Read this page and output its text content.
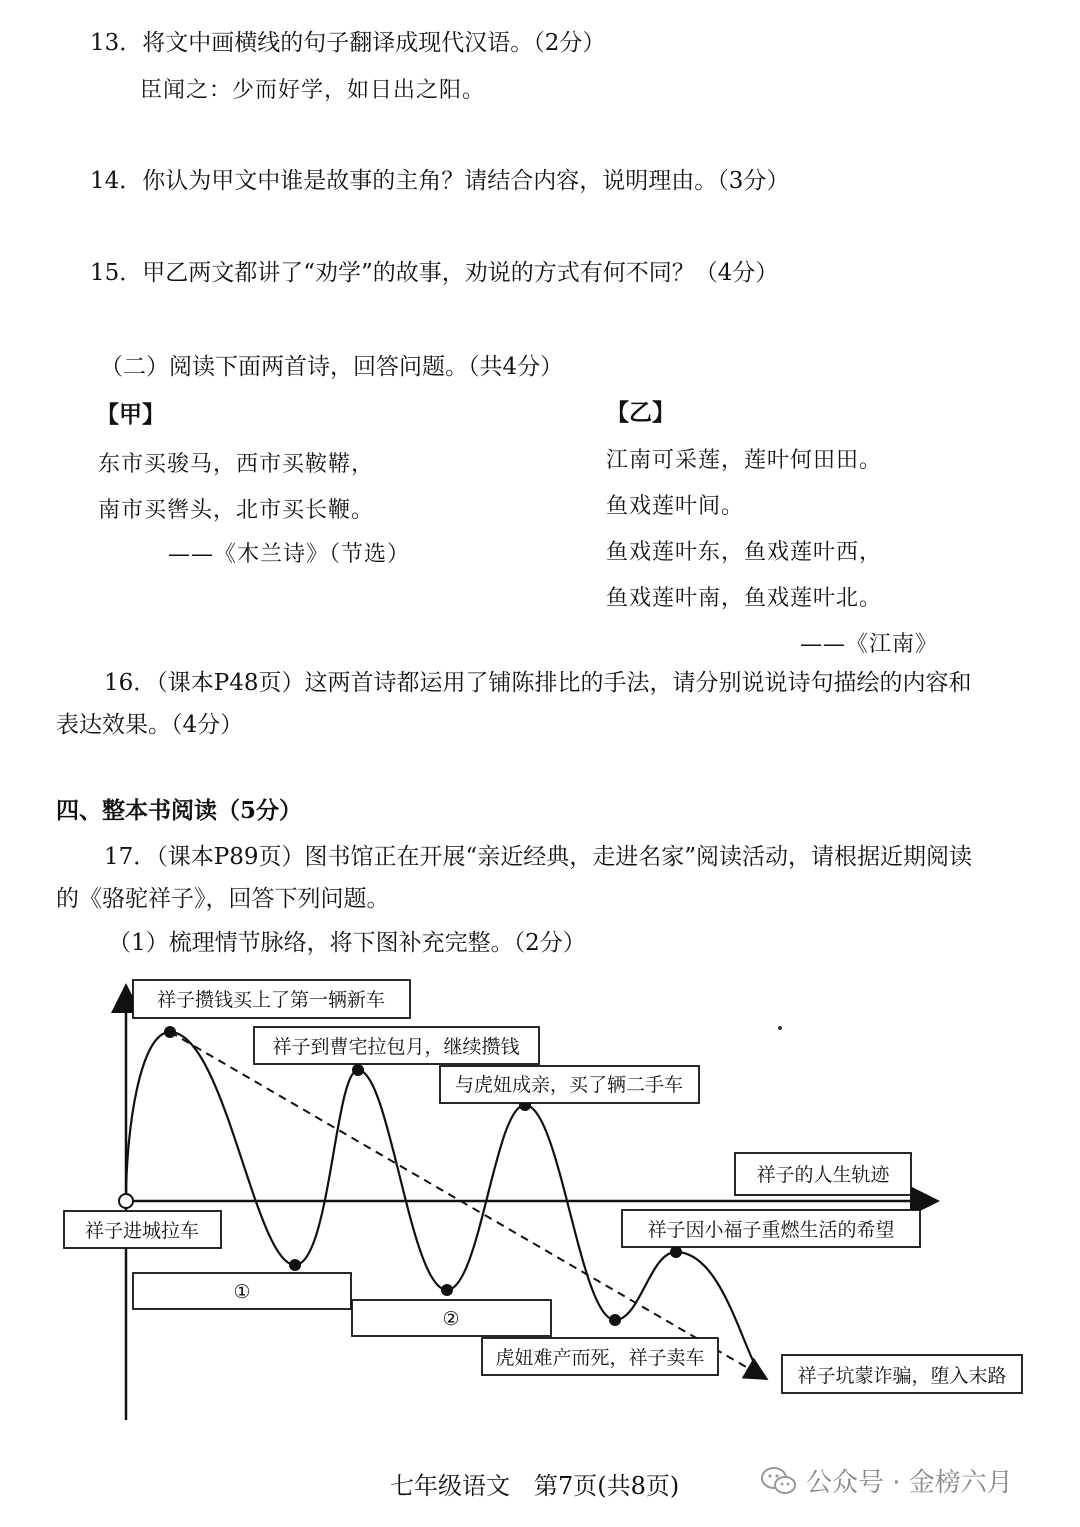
13．将文中画横线的句子翻译成现代汉语。（2分）
臣闻之：少而好学，如日出之阳。
14．你认为甲文中谁是故事的主角？请结合内容，说明理由。（3分）
15．甲乙两文都讲了“劝学”的故事，劝说的方式有何不同？（4分）
（二）阅读下面两首诗，回答问题。（共4分）
【甲】
东市买骏马，西市买鞍鞯，
南市买辔头，北市买长鞭。
——《木兰诗》（节选）
【乙】
江南可采莲，莲叶何田田。
鱼戏莲叶间。
鱼戏莲叶东，鱼戏莲叶西，
鱼戏莲叶南，鱼戏莲叶北。
——《江南》
16．（课本P48页）这两首诗都运用了铺陈排比的手法，请分别说说诗句描绘的内容和
表达效果。（4分）
四、整本书阅读（5分）
17．（课本P89页）图书馆正在开展“亲近经典，走进名家”阅读活动，请根据近期阅读
的《骆驼祥子》，回答下列问题。
（1）梳理情节脉络，将下图补充完整。（2分）
祥子攒钱买上了第一辆新车
祥子到曹宅拉包月，继续攒钱
与虎妞成亲，买了辆二手车
祥子的人生轨迹
祥子进城拉车	祥子因小福子重燃生活的希望
①
②
虎妞难产而死，祥子卖车
祥子坑蒙诈骗，堕入末路
七年级语文　第7页(共8页)	公众号 · 金榜六月
